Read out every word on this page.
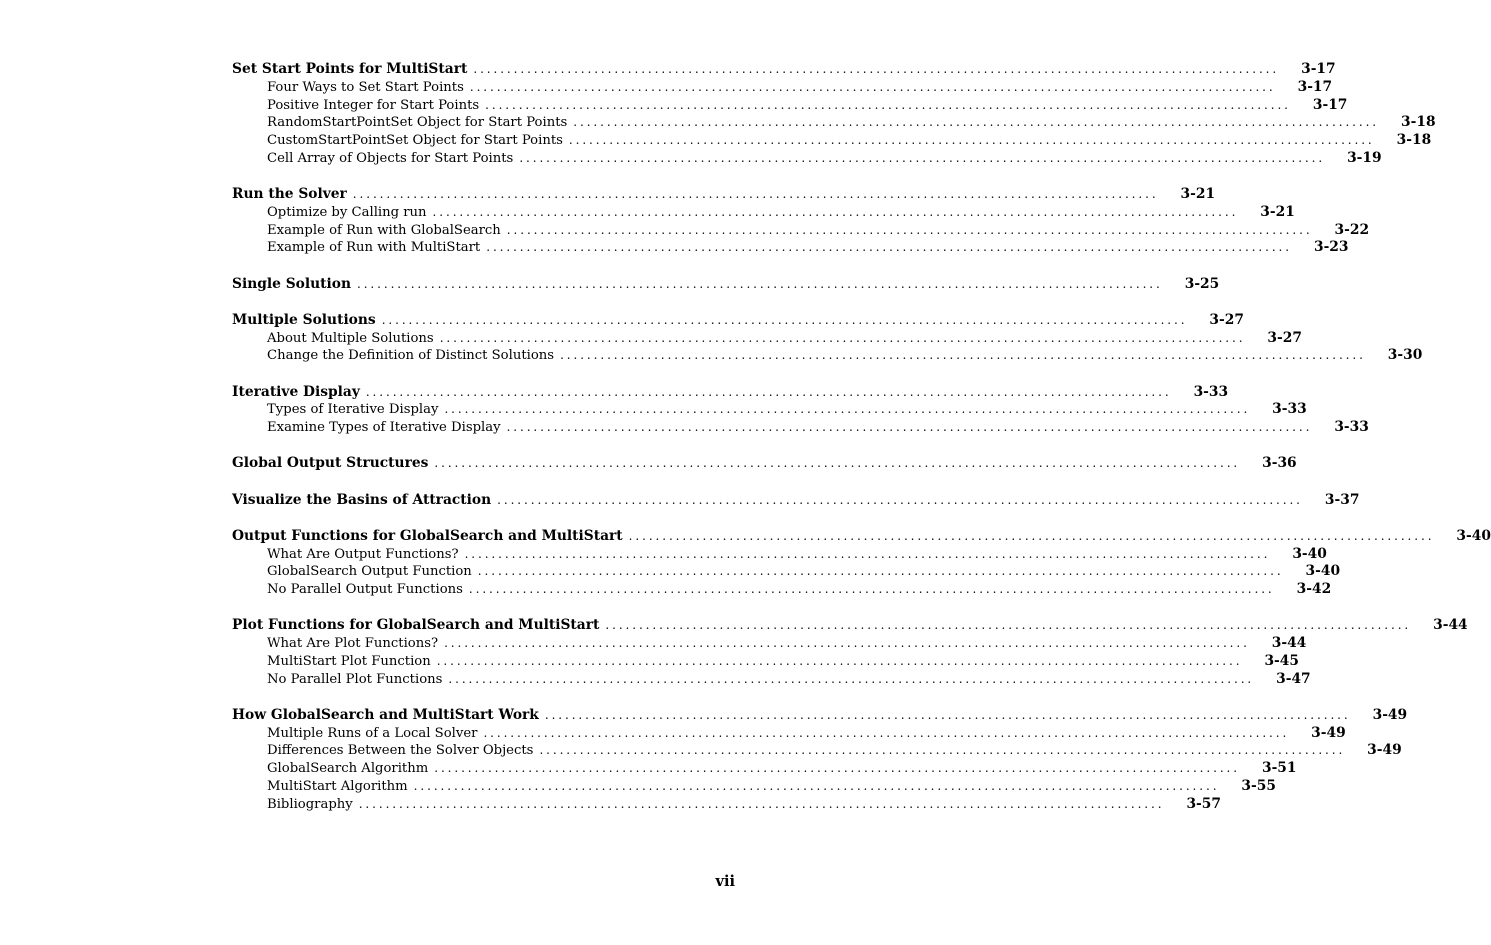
Set Start Points for MultiStart ........................................................................................................................ 3-17
Four Ways to Set Start Points ........................................................................................................................ 3-17
Positive Integer for Start Points ........................................................................................................................ 3-17
RandomStartPointSet Object for Start Points ........................................................................................................................ 3-18
CustomStartPointSet Object for Start Points ........................................................................................................................ 3-18
Cell Array of Objects for Start Points ........................................................................................................................ 3-19
Run the Solver ........................................................................................................................ 3-21
Optimize by Calling run ........................................................................................................................ 3-21
Example of Run with GlobalSearch ........................................................................................................................ 3-22
Example of Run with MultiStart ........................................................................................................................ 3-23
Single Solution ........................................................................................................................ 3-25
Multiple Solutions ........................................................................................................................ 3-27
About Multiple Solutions ........................................................................................................................ 3-27
Change the Definition of Distinct Solutions ........................................................................................................................ 3-30
Iterative Display ........................................................................................................................ 3-33
Types of Iterative Display ........................................................................................................................ 3-33
Examine Types of Iterative Display ........................................................................................................................ 3-33
Global Output Structures ........................................................................................................................ 3-36
Visualize the Basins of Attraction ........................................................................................................................ 3-37
Output Functions for GlobalSearch and MultiStart ........................................................................................................................ 3-40
What Are Output Functions? ........................................................................................................................ 3-40
GlobalSearch Output Function ........................................................................................................................ 3-40
No Parallel Output Functions ........................................................................................................................ 3-42
Plot Functions for GlobalSearch and MultiStart ........................................................................................................................ 3-44
What Are Plot Functions? ........................................................................................................................ 3-44
MultiStart Plot Function ........................................................................................................................ 3-45
No Parallel Plot Functions ........................................................................................................................ 3-47
How GlobalSearch and MultiStart Work ........................................................................................................................ 3-49
Multiple Runs of a Local Solver ........................................................................................................................ 3-49
Differences Between the Solver Objects ........................................................................................................................ 3-49
GlobalSearch Algorithm ........................................................................................................................ 3-51
MultiStart Algorithm ........................................................................................................................ 3-55
Bibliography ........................................................................................................................ 3-57
vii
